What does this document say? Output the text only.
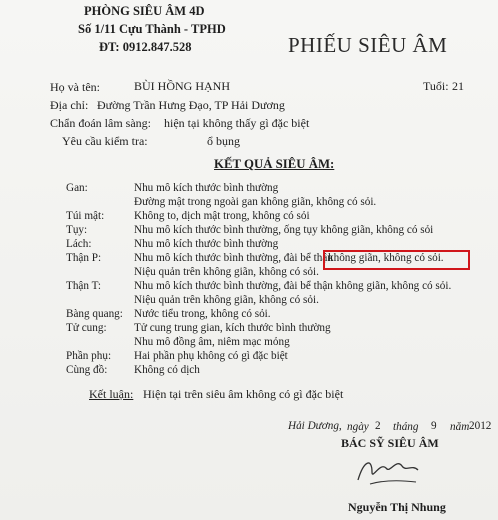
PHÒNG SIÊU ÂM 4D
Số 1/11 Cựu Thành - TPHD
ĐT: 0912.847.528	PHIẾU SIÊU ÂM
Họ và tên:	BÙI HỒNG HẠNH	Tuổi: 21
Địa chỉ: Đường Trần Hưng Đạo, TP Hải Dương
Chẩn đoán lâm sàng: hiện tại không thấy gì đặc biệt
Yêu cầu kiểm tra:	ổ bụng
KẾT QUẢ SIÊU ÂM:
Gan:	Nhu mô kích thước bình thường
Đường mật trong ngoài gan không giãn, không có sỏi.
Túi mật:	Không to, dịch mật trong, không có sỏi
Tụy:	Nhu mô kích thước bình thường, ống tụy không giãn, không có sỏi
Lách:	Nhu mô kích thước bình thường
Thận P:	Nhu mô kích thước bình thường, đài bể thận
không giãn, không có sỏi.
Niệu quản trên không giãn, không có sỏi.
Thận T:	Nhu mô kích thước bình thường, đài bể thận không giãn, không có sỏi.
Niệu quản trên không giãn, không có sỏi.
Bàng quang: Nước tiểu trong, không có sỏi.
Tử cung: Tử cung trung gian, kích thước bình thường
Nhu mô đồng âm, niêm mạc mỏng
Phần phụ: Hai phần phụ không có gì đặc biệt
Cùng đồ: Không có dịch
Kết luận: Hiện tại trên siêu âm không có gì đặc biệt
Hải Dương, ngày 2 tháng 9 năm 2012
BÁC SỸ SIÊU ÂM
Nguyễn Thị Nhung
